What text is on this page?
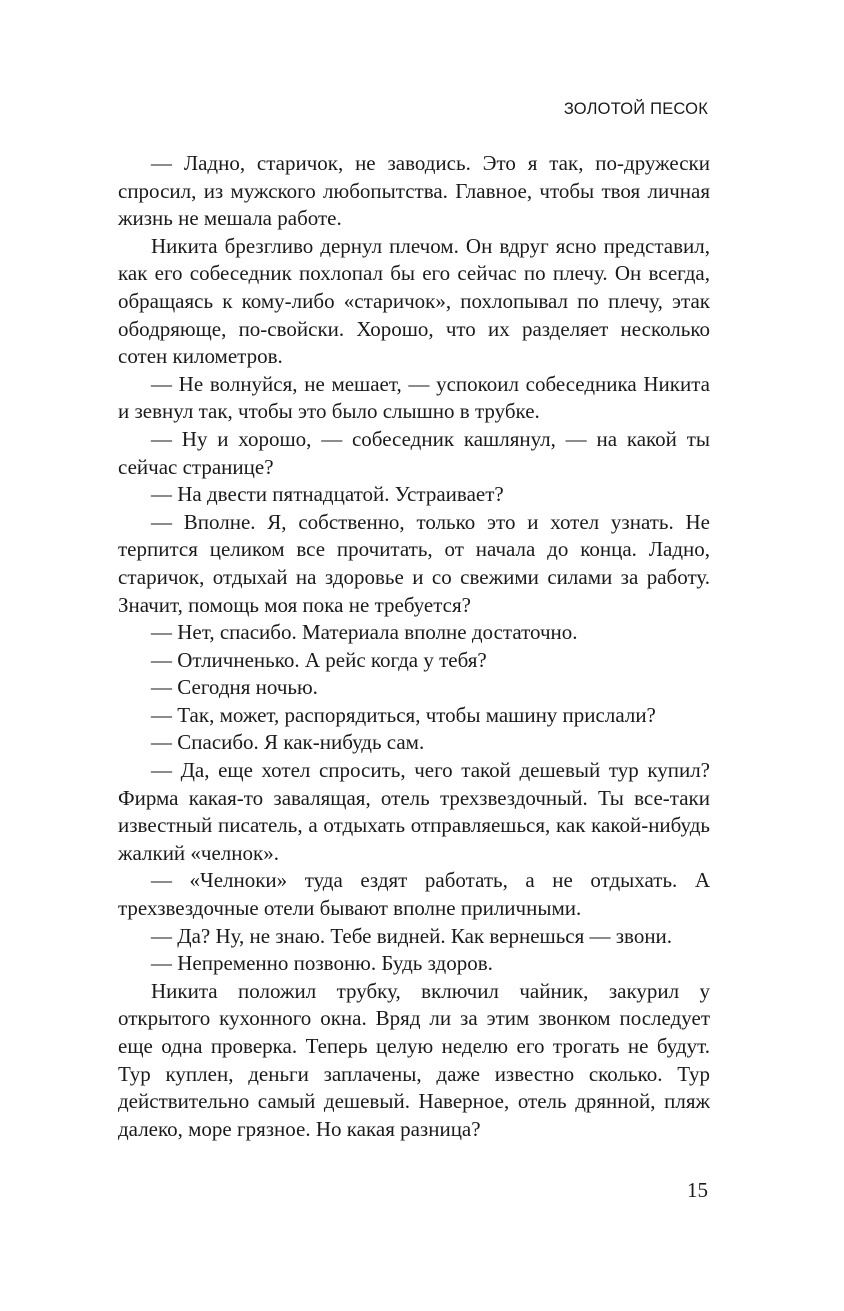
ЗОЛОТОЙ ПЕСОК

— Ладно, старичок, не заводись. Это я так, по-дружески спросил, из мужского любопытства. Главное, чтобы твоя личная жизнь не мешала работе.

Никита брезгливо дернул плечом. Он вдруг ясно представил, как его собеседник похлопал бы его сейчас по плечу. Он всегда, обращаясь к кому-либо «старичок», похлопывал по плечу, этак ободряюще, по-свойски. Хорошо, что их разделяет несколько сотен километров.

— Не волнуйся, не мешает, — успокоил собеседника Никита и зевнул так, чтобы это было слышно в трубке.

— Ну и хорошо, — собеседник кашлянул, — на какой ты сейчас странице?

— На двести пятнадцатой. Устраивает?

— Вполне. Я, собственно, только это и хотел узнать. Не терпится целиком все прочитать, от начала до конца. Ладно, старичок, отдыхай на здоровье и со свежими силами за работу. Значит, помощь моя пока не требуется?

— Нет, спасибо. Материала вполне достаточно.

— Отличненько. А рейс когда у тебя?

— Сегодня ночью.

— Так, может, распорядиться, чтобы машину прислали?

— Спасибо. Я как-нибудь сам.

— Да, еще хотел спросить, чего такой дешевый тур купил? Фирма какая-то завалящая, отель трехзвездочный. Ты все-таки известный писатель, а отдыхать отправляешься, как какой-нибудь жалкий «челнок».

— «Челноки» туда ездят работать, а не отдыхать. А трехзвездочные отели бывают вполне приличными.

— Да? Ну, не знаю. Тебе видней. Как вернешься — звони.

— Непременно позвоню. Будь здоров.

Никита положил трубку, включил чайник, закурил у открытого кухонного окна. Вряд ли за этим звонком последует еще одна проверка. Теперь целую неделю его трогать не будут. Тур куплен, деньги заплачены, даже известно сколько. Тур действительно самый дешевый. Наверное, отель дрянной, пляж далеко, море грязное. Но какая разница?

15
